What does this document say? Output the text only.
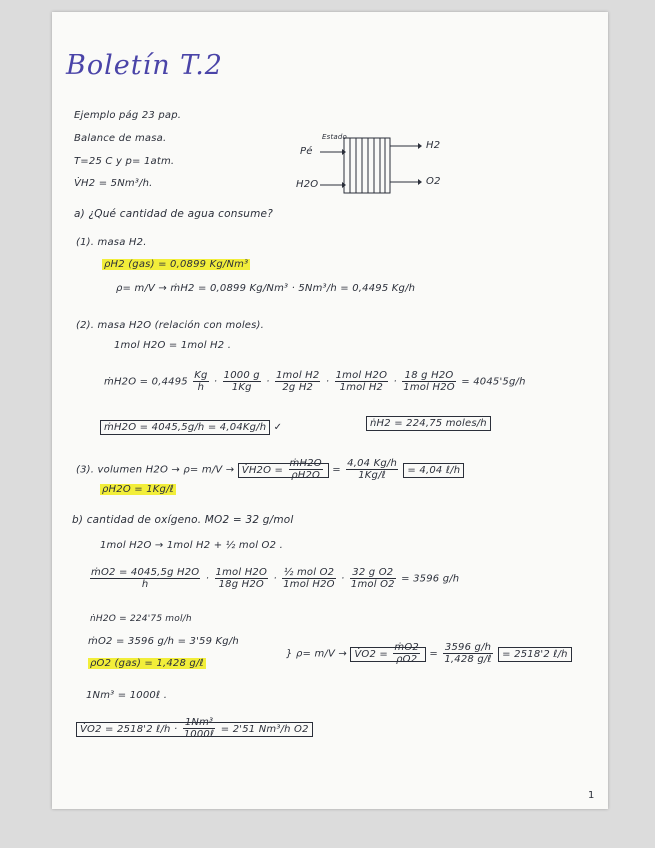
Boletín T.2
Ejemplo pág 23 pap.
Balance de masa.
T=25 C y p= 1atm.
V̇H2 = 5Nm³/h.
Pé
H2O
H2
O2
Estado
a) ¿Qué cantidad de agua consume?
(1). masa H2.
ρH2 (gas) = 0,0899 Kg/Nm³
ρ= m/V → ṁH2 = 0,0899 Kg/Nm³ · 5Nm³/h = 0,4495 Kg/h
(2). masa H2O (relación con moles).
1mol H2O = 1mol H2 .
ṁH2O = $0,4495 \frac{Kg}{h} \cdot \frac{1000 g}{1Kg} \cdot \frac{\text{1mol H2}}{\text{2g H2}} \cdot \frac{\text{1mol H2O}}{\text{1mol H2}} \cdot \frac{\text{18 g H2O}}{\text{1mol H2O}} = 4045'5g/h$
ṁH2O = 4045,5g/h = 4,04Kg/h ✓	ṅH2 = 224,75 moles/h
(3). volumen H2O → ρ= m/V → V̇H2O = $\frac{\text{ṁH2O}}{\rho H2O} = \frac{4,04 Kg/h}{\text{1Kg/ℓ}} = 4,04$ ℓ/h
ρH2O = 1Kg/ℓ
b) cantidad de oxígeno. MO2 = 32 g/mol
1mol H2O → 1mol H2 + ½ mol O2 .
$\frac{\text{ṁO2 = 4045,5g H2O}}{h} \cdot \frac{\text{1mol H2O}}{\text{18g H2O}} \cdot \frac{\text{½ mol O2}}{\text{1mol H2O}} \cdot \frac{\text{32 g O2}}{\text{1mol O2}} = 3596$ g/h
ṅH2O = 224'75 mol/h
ṁO2 = 3596 g/h = 3'59 Kg/h
ρO2 (gas) = 1,428 g/ℓ
} ρ= m/V → V̇O2 = $\frac{\text{ṁO2}}{\rho O2} = \frac{3596 g/h}{\text{1,428 g/ℓ}} = 2518'2$ ℓ/h
1Nm³ = 1000ℓ .
V̇O2 = 2518'2 ℓ/h · $\frac{\text{1Nm³}}{\text{1000ℓ}} = 2'51$ Nm³/h O2
1
